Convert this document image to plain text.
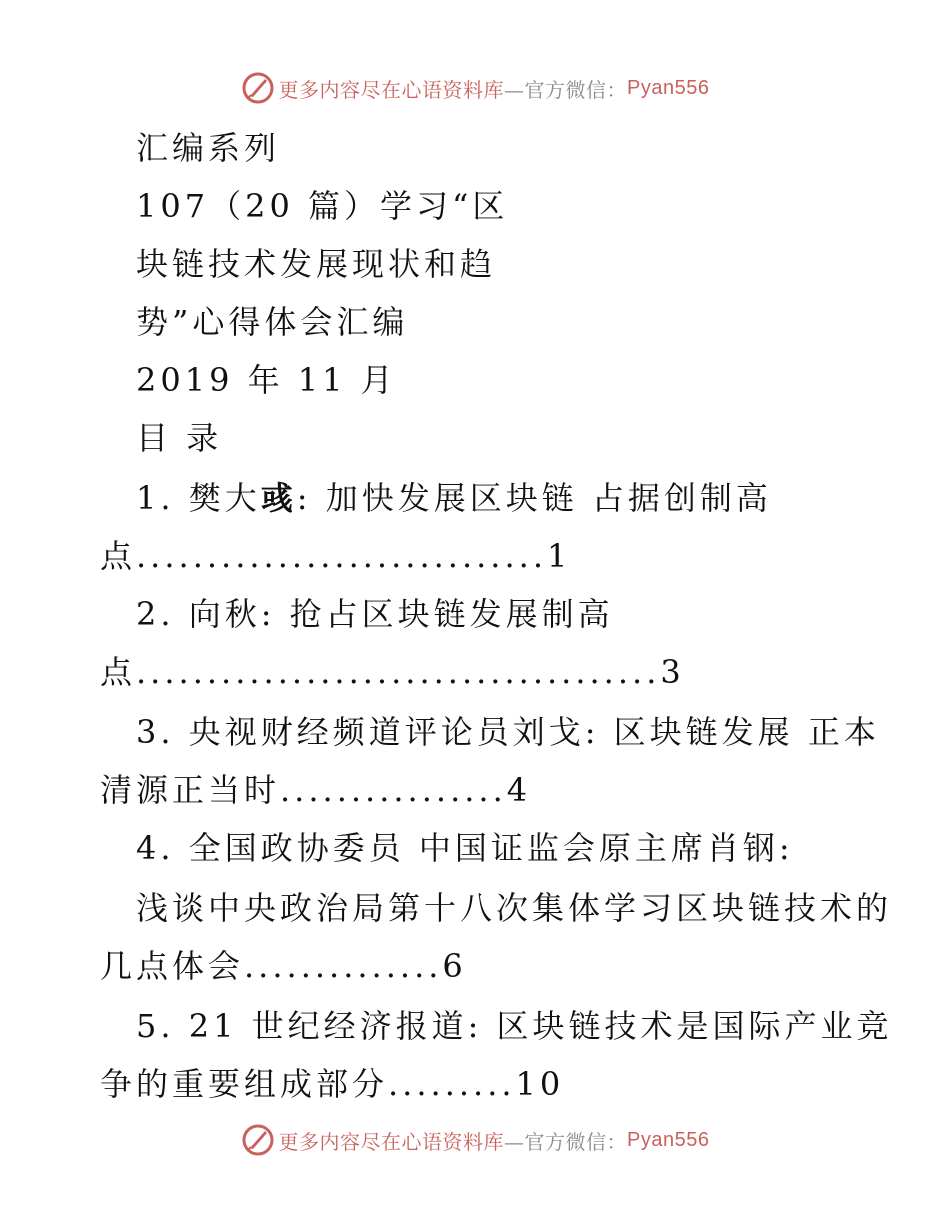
更多内容尽在心语资料库 —官方微信： Pyan556
汇编系列
107（20 篇）学习“区
块链技术发展现状和趋
势”心得体会汇编
2019 年 11 月
目 录
1. 樊大彧: 加快发展区块链 占据创制高
点.............................1
2. 向秋: 抢占区块链发展制高
点.....................................3
3. 央视财经频道评论员刘戈: 区块链发展 正本
清源正当时................4
4. 全国政协委员 中国证监会原主席肖钢:
浅谈中央政治局第十八次集体学习区块链技术的
几点体会..............6
5. 21 世纪经济报道: 区块链技术是国际产业竞
争的重要组成部分.........10
更多内容尽在心语资料库 —官方微信： Pyan556
